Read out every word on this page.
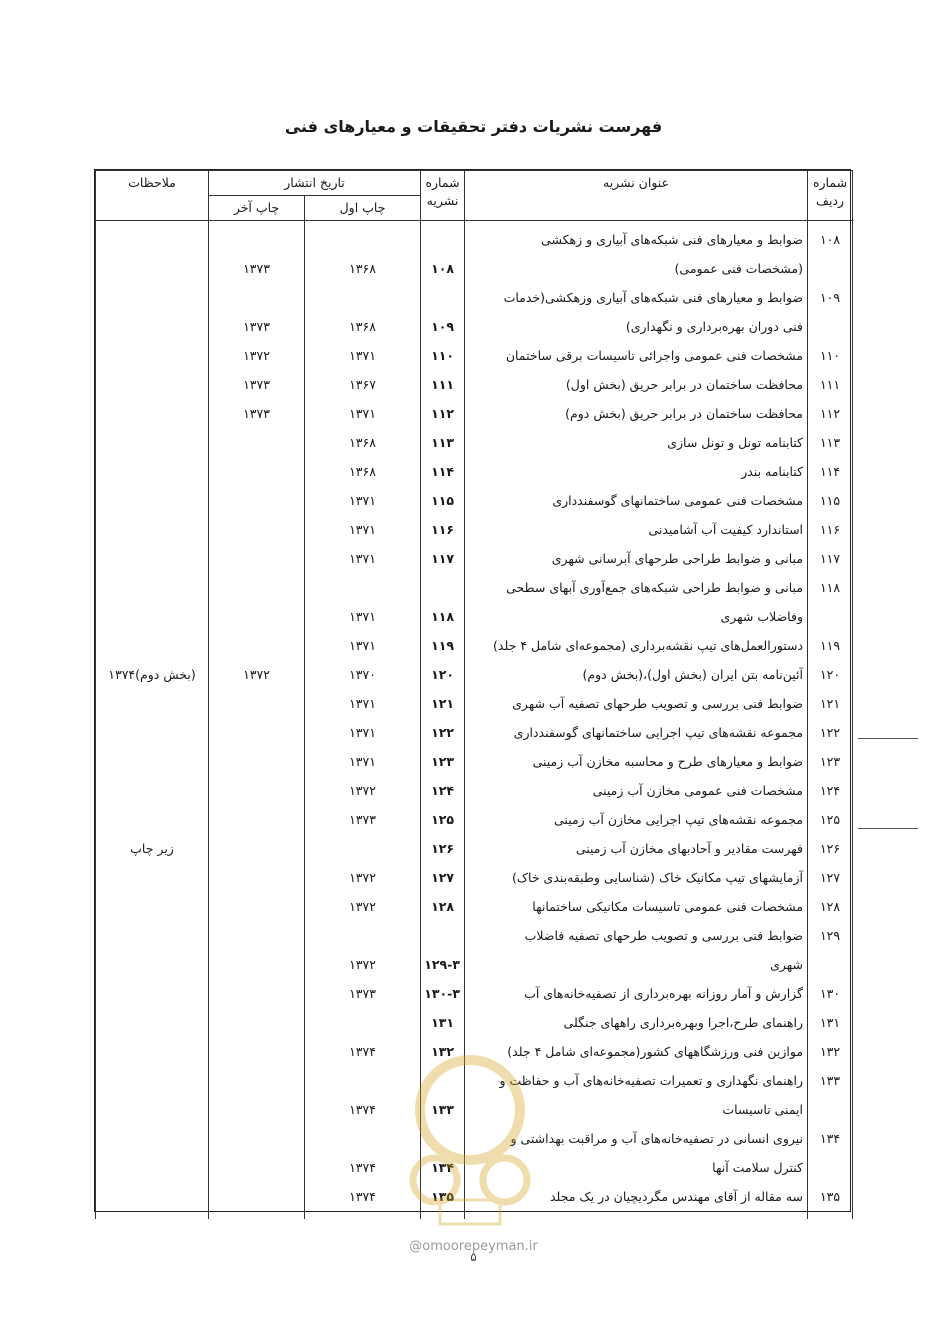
فهرست نشریات دفتر تحقیقات و معیارهای فنی
شماره ردیف	عنوان نشریه	شماره نشریه	تاریخ انتشار		ملاحظات
			چاپ اول	چاپ آخر	

۱۰۸	ضوابط و معیارهای فنی شبکه‌های آبیاری و زهکشی				
	(مشخصات فنی عمومی)	۱۰۸	۱۳۶۸	۱۳۷۳	
۱۰۹	ضوابط و معیارهای فنی شبکه‌های آبیاری وزهکشی(خدمات				
	فنی دوران بهره‌برداری و نگهداری)	۱۰۹	۱۳۶۸	۱۳۷۳	
۱۱۰	مشخصات فنی عمومی واجرائی تاسیسات برقی ساختمان	۱۱۰	۱۳۷۱	۱۳۷۲	
۱۱۱	محافظت ساختمان در برابر حریق (بخش اول)	۱۱۱	۱۳۶۷	۱۳۷۳	
۱۱۲	محافظت ساختمان در برابر حریق (بخش دوم)	۱۱۲	۱۳۷۱	۱۳۷۳	
۱۱۳	کتابنامه تونل و تونل سازی	۱۱۳	۱۳۶۸		
۱۱۴	کتابنامه بندر	۱۱۴	۱۳۶۸		
۱۱۵	مشخصات فنی عمومی ساختمانهای گوسفندداری	۱۱۵	۱۳۷۱		
۱۱۶	استاندارد کیفیت آب آشامیدنی	۱۱۶	۱۳۷۱		
۱۱۷	مبانی و ضوابط طراحی طرحهای آبرسانی شهری	۱۱۷	۱۳۷۱		
۱۱۸	مبانی و ضوابط طراحی شبکه‌های جمع‌آوری آبهای سطحی				
	وفاضلاب شهری	۱۱۸	۱۳۷۱		
۱۱۹	دستورالعمل‌های تیپ نقشه‌برداری (مجموعه‌ای شامل ۴ جلد)	۱۱۹	۱۳۷۱		
۱۲۰	آئین‌نامه بتن ایران (بخش اول)،(بخش دوم)	۱۲۰	۱۳۷۰	۱۳۷۲	(بخش دوم)۱۳۷۴
۱۲۱	ضوابط فنی بررسی و تصویب طرحهای تصفیه آب شهری	۱۲۱	۱۳۷۱		
۱۲۲	مجموعه نقشه‌های تیپ اجرایی ساختمانهای گوسفندداری	۱۲۲	۱۳۷۱		
۱۲۳	ضوابط و معیارهای طرح و محاسبه مخازن آب زمینی	۱۲۳	۱۳۷۱		
۱۲۴	مشخصات فنی عمومی مخازن آب زمینی	۱۲۴	۱۳۷۲		
۱۲۵	مجموعه نقشه‌های تیپ اجرایی مخازن آب زمینی	۱۲۵	۱۳۷۳		
۱۲۶	فهرست مقادیر و آحادبهای مخازن آب زمینی	۱۲۶			زیر چاپ
۱۲۷	آزمایشهای تیپ مکانیک خاک (شناسایی وطبقه‌بندی خاک)	۱۲۷	۱۳۷۲		
۱۲۸	مشخصات فنی عمومی تاسیسات مکانیکی ساختمانها	۱۲۸	۱۳۷۲		
۱۲۹	ضوابط فنی بررسی و تصویب طرحهای تصفیه فاضلاب				
	شهری	۱۲۹-۳	۱۳۷۲		
۱۳۰	گزارش و آمار روزانه بهره‌برداری از تصفیه‌خانه‌های آب	۱۳۰-۳	۱۳۷۳		
۱۳۱	راهنمای طرح،اجرا وبهره‌برداری راههای جنگلی	۱۳۱			
۱۳۲	موازین فنی ورزشگاههای کشور(مجموعه‌ای شامل ۴ جلد)	۱۳۲	۱۳۷۴		
۱۳۳	راهنمای نگهداری و تعمیرات تصفیه‌خانه‌های آب و حفاظت و				
	ایمنی تاسیسات	۱۳۳	۱۳۷۴		
۱۳۴	نیروی انسانی در تصفیه‌خانه‌های آب و مراقبت بهداشتی و				
	کنترل سلامت آنها	۱۳۴	۱۳۷۴		
۱۳۵	سه مقاله از آقای مهندس مگردیچیان در یک مجلد	۱۳۵	۱۳۷۴		

@omoorepeyman.ir
۵
